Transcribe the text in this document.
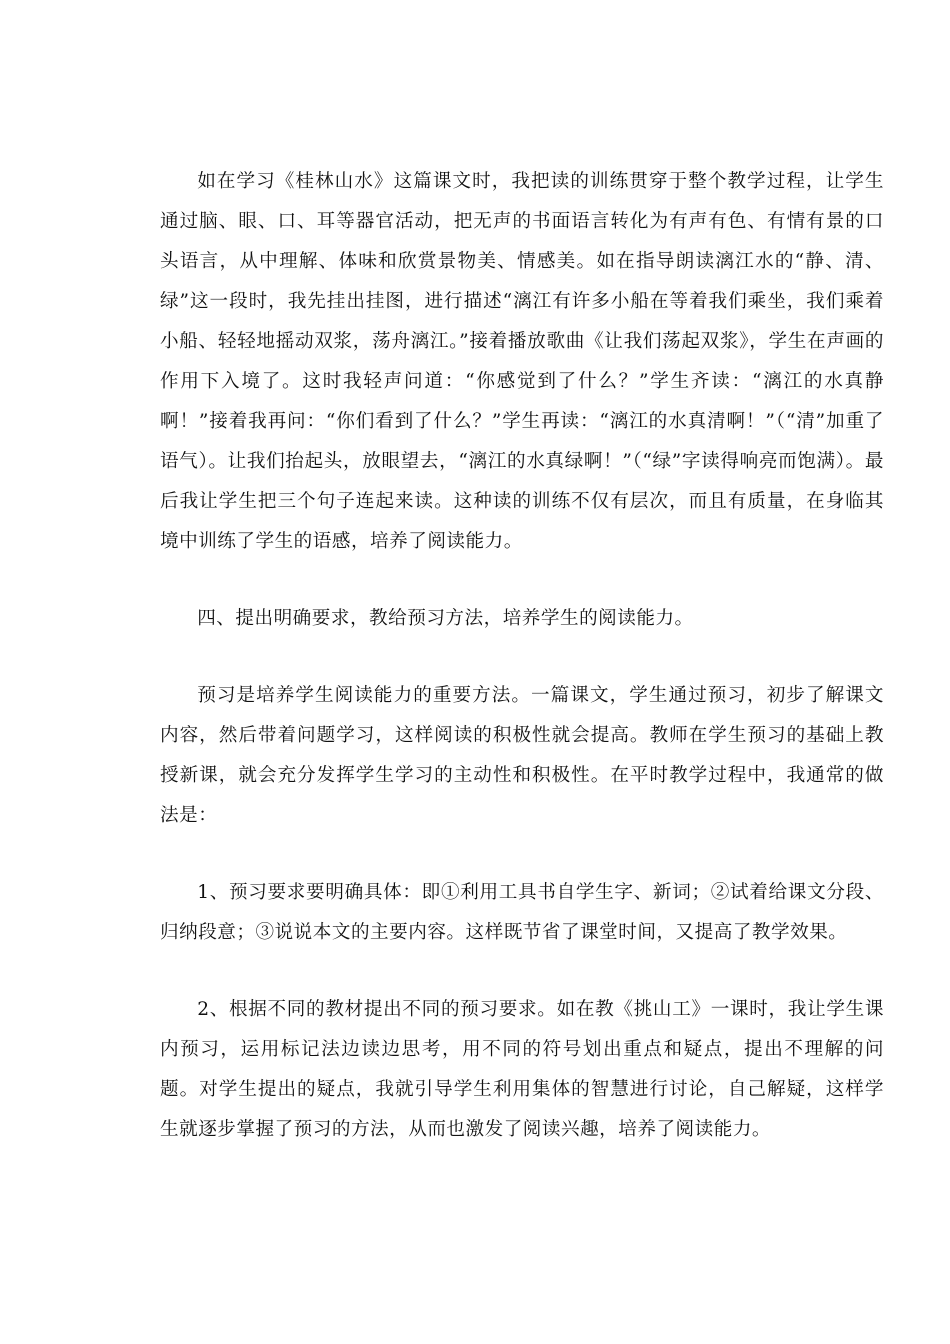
如在学习《桂林山水》这篇课文时，我把读的训练贯穿于整个教学过程，让学生通过脑、眼、口、耳等器官活动，把无声的书面语言转化为有声有色、有情有景的口头语言，从中理解、体味和欣赏景物美、情感美。如在指导朗读漓江水的“静、清、绿”这一段时，我先挂出挂图，进行描述“漓江有许多小船在等着我们乘坐，我们乘着小船、轻轻地摇动双浆，荡舟漓江。”接着播放歌曲《让我们荡起双浆》，学生在声画的作用下入境了。这时我轻声问道：“你感觉到了什么？”学生齐读：“漓江的水真静啊！”接着我再问：“你们看到了什么？”学生再读：“漓江的水真清啊！”（“清”加重了语气）。让我们抬起头，放眼望去，“漓江的水真绿啊！”（“绿”字读得响亮而饱满）。最后我让学生把三个句子连起来读。这种读的训练不仅有层次，而且有质量，在身临其境中训练了学生的语感，培养了阅读能力。

四、提出明确要求，教给预习方法，培养学生的阅读能力。

预习是培养学生阅读能力的重要方法。一篇课文，学生通过预习，初步了解课文内容，然后带着问题学习，这样阅读的积极性就会提高。教师在学生预习的基础上教授新课，就会充分发挥学生学习的主动性和积极性。在平时教学过程中，我通常的做法是：

1、预习要求要明确具体：即①利用工具书自学生字、新词；②试着给课文分段、归纳段意；③说说本文的主要内容。这样既节省了课堂时间，又提高了教学效果。

2、根据不同的教材提出不同的预习要求。如在教《挑山工》一课时，我让学生课内预习，运用标记法边读边思考，用不同的符号划出重点和疑点，提出不理解的问题。对学生提出的疑点，我就引导学生利用集体的智慧进行讨论，自己解疑，这样学生就逐步掌握了预习的方法，从而也激发了阅读兴趣，培养了阅读能力。
